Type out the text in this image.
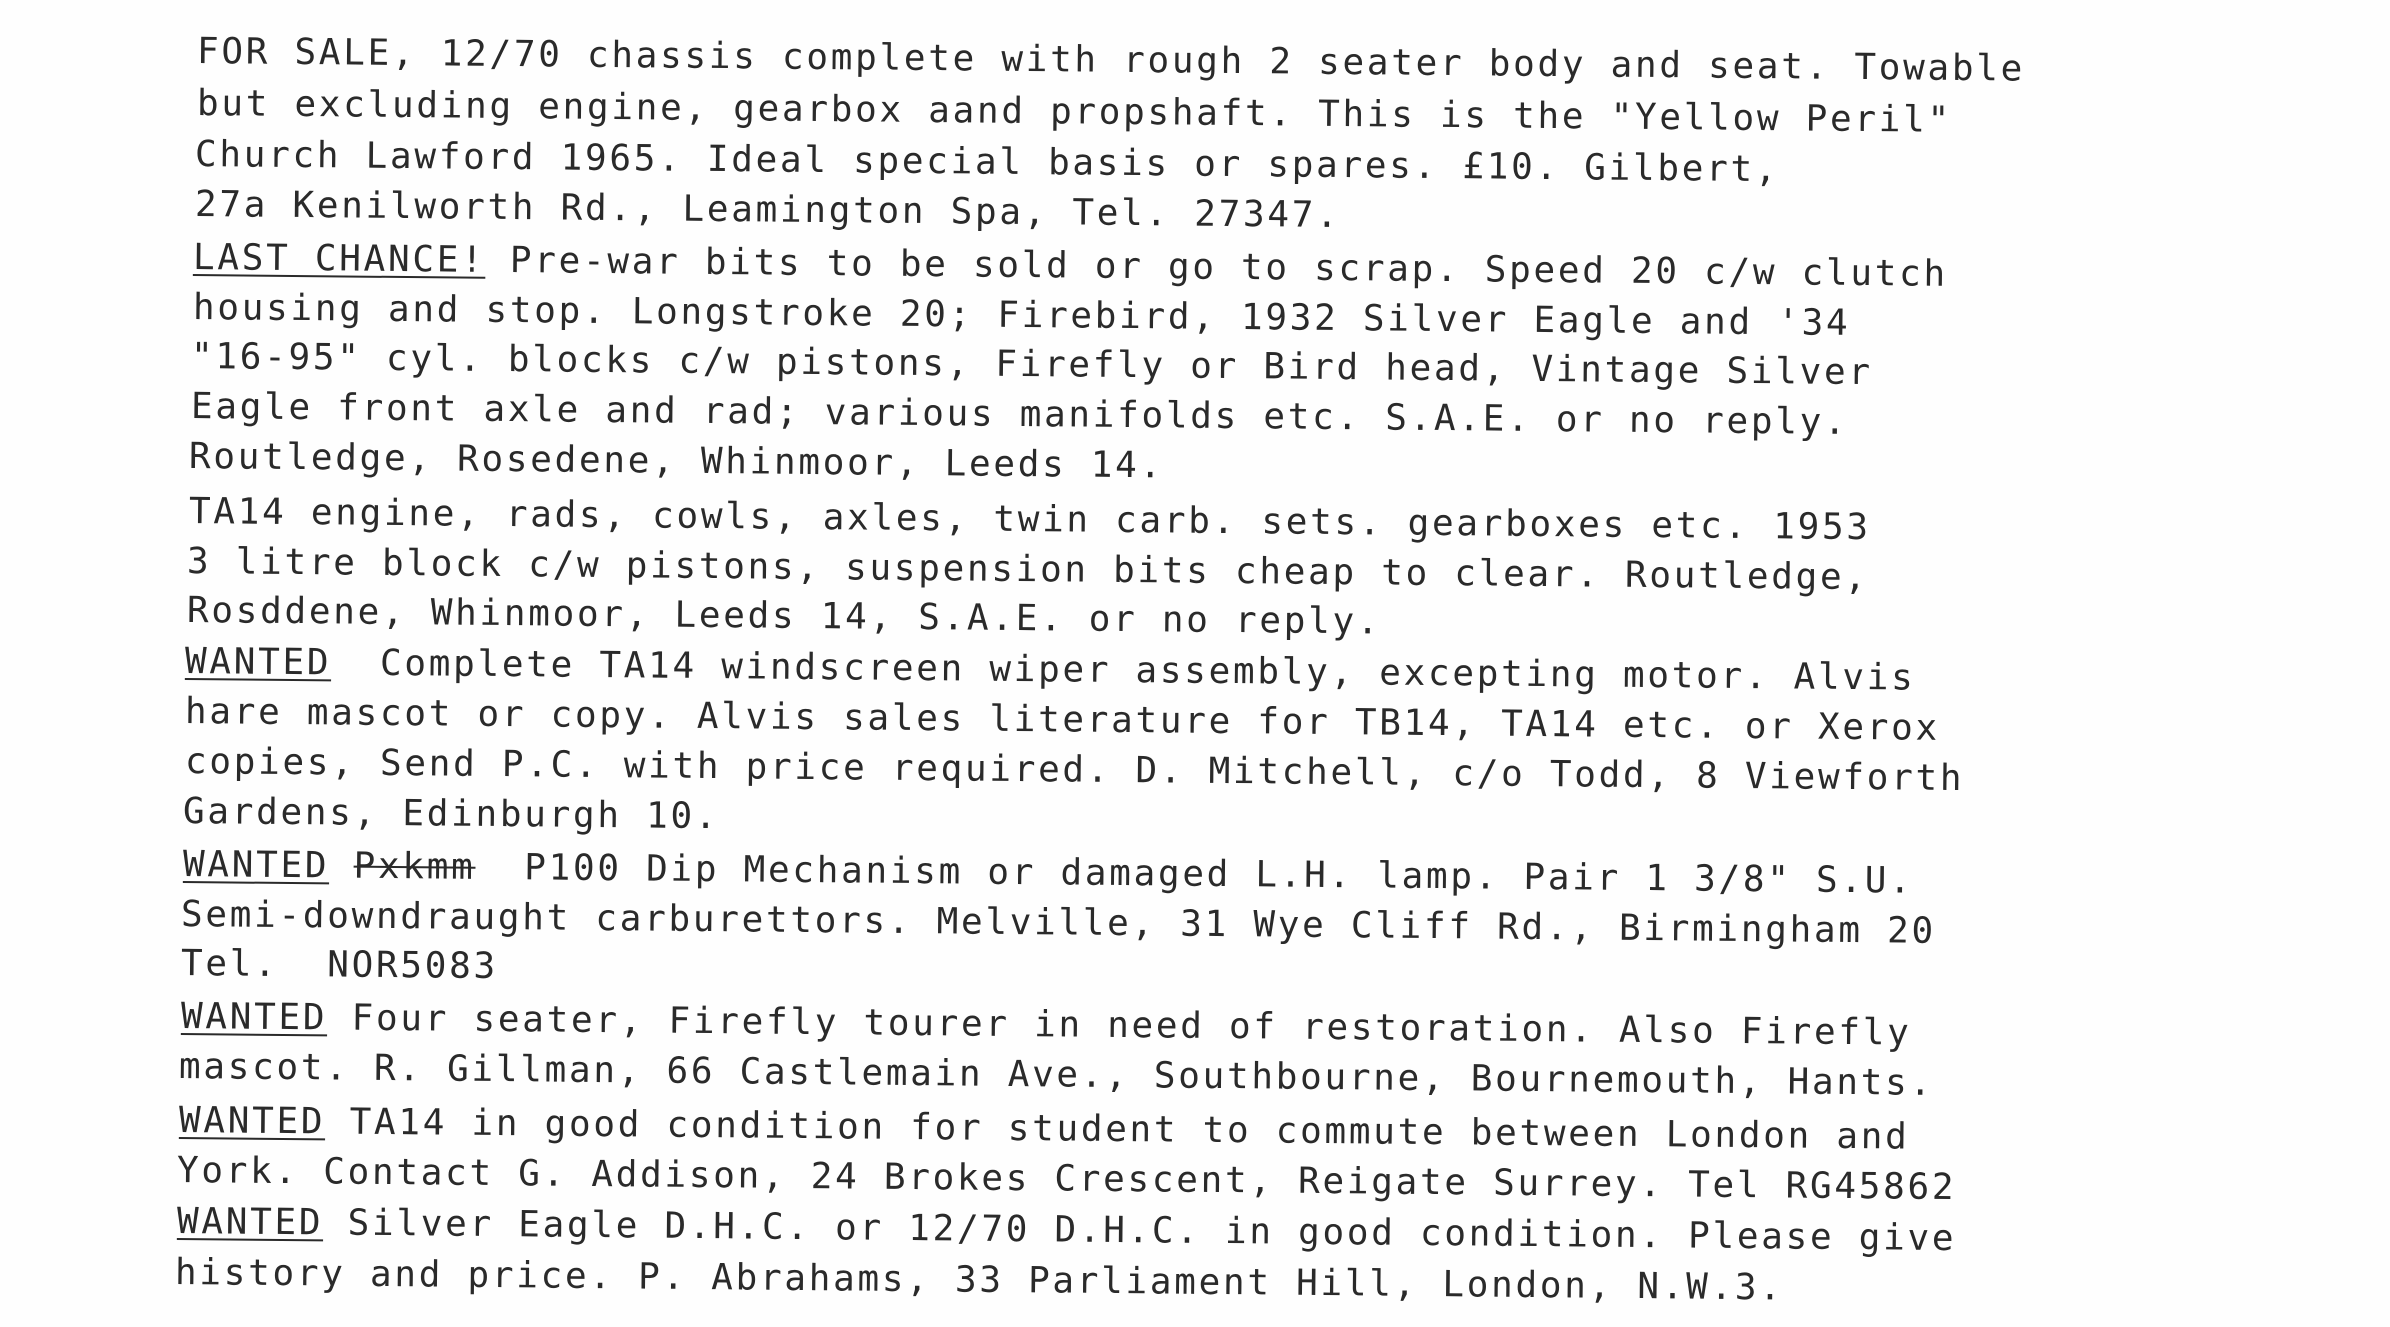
FOR SALE, 12/70 chassis complete with rough 2 seater body and seat. Towable
but excluding engine, gearbox aand propshaft. This is the "Yellow Peril"
Church Lawford 1965. Ideal special basis or spares. £10. Gilbert,
27a Kenilworth Rd., Leamington Spa, Tel. 27347.
LAST CHANCE! Pre-war bits to be sold or go to scrap. Speed 20 c/w clutch
housing and stop. Longstroke 20; Firebird, 1932 Silver Eagle and '34
"16-95" cyl. blocks c/w pistons, Firefly or Bird head, Vintage Silver
Eagle front axle and rad; various manifolds etc. S.A.E. or no reply.
Routledge, Rosedene, Whinmoor, Leeds 14.
TA14 engine, rads, cowls, axles, twin carb. sets. gearboxes etc. 1953
3 litre block c/w pistons, suspension bits cheap to clear. Routledge,
Rosddene, Whinmoor, Leeds 14, S.A.E. or no reply.
WANTED  Complete TA14 windscreen wiper assembly, excepting motor. Alvis
hare mascot or copy. Alvis sales literature for TB14, TA14 etc. or Xerox
copies, Send P.C. with price required. D. Mitchell, c/o Todd, 8 Viewforth
Gardens, Edinburgh 10.
WANTED Pxkmm  P100 Dip Mechanism or damaged L.H. lamp. Pair 1 3/8" S.U.
Semi-downdraught carburettors. Melville, 31 Wye Cliff Rd., Birmingham 20
Tel.  NOR5083
WANTED Four seater, Firefly tourer in need of restoration. Also Firefly
mascot. R. Gillman, 66 Castlemain Ave., Southbourne, Bournemouth, Hants.
WANTED TA14 in good condition for student to commute between London and
York. Contact G. Addison, 24 Brokes Crescent, Reigate Surrey. Tel RG45862
WANTED Silver Eagle D.H.C. or 12/70 D.H.C. in good condition. Please give
history and price. P. Abrahams, 33 Parliament Hill, London, N.W.3.
